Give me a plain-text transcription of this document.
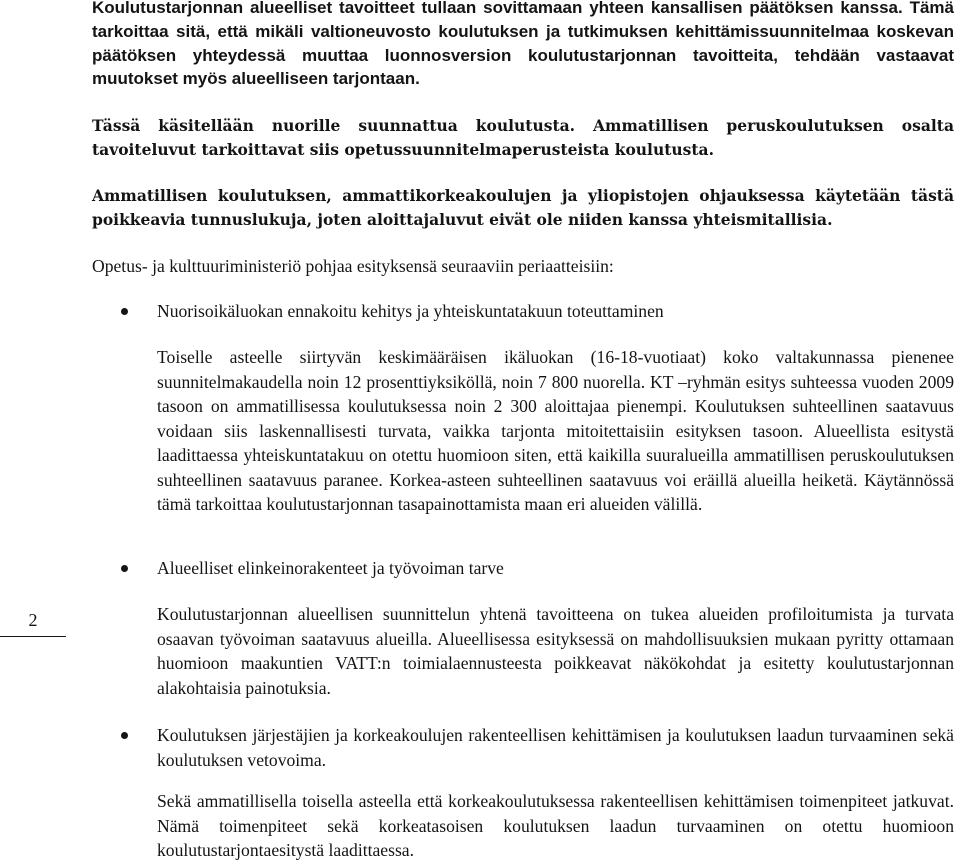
Koulutustarjonnan alueelliset tavoitteet tullaan sovittamaan yhteen kansallisen päätöksen kanssa. Tämä tarkoittaa sitä, että mikäli valtioneuvosto koulutuksen ja tutkimuksen kehittämissuunnitelmaa koskevan päätöksen yhteydessä muuttaa luonnosversion koulutustarjonnan tavoitteita, tehdään vastaavat muutokset myös alueelliseen tarjontaan.

Tässä käsitellään nuorille suunnattua koulutusta. Ammatillisen peruskoulutuksen osalta tavoiteluvut tarkoittavat siis opetussuunnitelmaperusteista koulutusta.

Ammatillisen koulutuksen, ammattikorkeakoulujen ja yliopistojen ohjauksessa käytetään tästä poikkeavia tunnuslukuja, joten aloittajaluvut eivät ole niiden kanssa yhteismitallisia.

Opetus- ja kulttuuriministeriö pohjaa esityksensä seuraaviin periaatteisiin:

Nuorisoikäluokan ennakoitu kehitys ja yhteiskuntatakuun toteuttaminen

Toiselle asteelle siirtyvän keskimääräisen ikäluokan (16-18-vuotiaat) koko valtakunnassa pienenee suunnitelmakaudella noin 12 prosenttiyksiköllä, noin 7 800 nuorella. KT –ryhmän esitys suhteessa vuoden 2009 tasoon on ammatillisessa koulutuksessa noin 2 300 aloittajaa pienempi. Koulutuksen suhteellinen saatavuus voidaan siis laskennallisesti turvata, vaikka tarjonta mitoitettaisiin esityksen tasoon. Alueellista esitystä laadittaessa yhteiskuntatakuu on otettu huomioon siten, että kaikilla suuralueilla ammatillisen peruskoulutuksen suhteellinen saatavuus paranee. Korkea-asteen suhteellinen saatavuus voi eräillä alueilla heiketä. Käytännössä tämä tarkoittaa koulutustarjonnan tasapainottamista maan eri alueiden välillä.

Alueelliset elinkeinorakenteet ja työvoiman tarve

Koulutustarjonnan alueellisen suunnittelun yhtenä tavoitteena on tukea alueiden profiloitumista ja turvata osaavan työvoiman saatavuus alueilla. Alueellisessa esityksessä on mahdollisuuksien mukaan pyritty ottamaan huomioon maakuntien VATT:n toimialaennusteesta poikkeavat näkökohdat ja esitetty koulutustarjonnan alakohtaisia painotuksia.

Koulutuksen järjestäjien ja korkeakoulujen rakenteellisen kehittämisen ja koulutuksen laadun turvaaminen sekä koulutuksen vetovoima.

Sekä ammatillisella toisella asteella että korkeakoulutuksessa rakenteellisen kehittämisen toimenpiteet jatkuvat. Nämä toimenpiteet sekä korkeatasoisen koulutuksen laadun turvaaminen on otettu huomioon koulutustarjontaesitystä laadittaessa.

2
